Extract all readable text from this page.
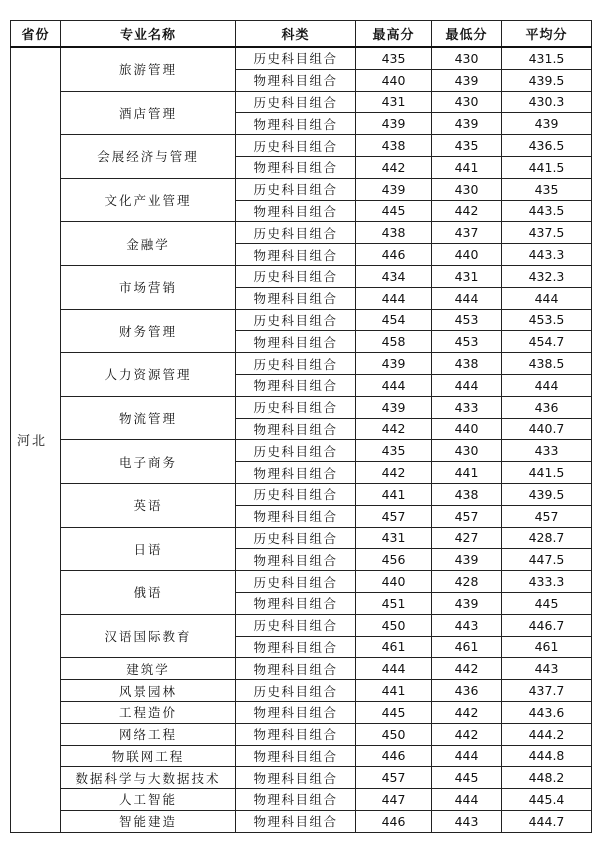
省份	专业名称	科类	最高分	最低分	平均分
河北	旅游管理	历史科目组合	435	430	431.5
		物理科目组合	440	439	439.5
	酒店管理	历史科目组合	431	430	430.3
		物理科目组合	439	439	439
	会展经济与管理	历史科目组合	438	435	436.5
		物理科目组合	442	441	441.5
	文化产业管理	历史科目组合	439	430	435
		物理科目组合	445	442	443.5
	金融学	历史科目组合	438	437	437.5
		物理科目组合	446	440	443.3
	市场营销	历史科目组合	434	431	432.3
		物理科目组合	444	444	444
	财务管理	历史科目组合	454	453	453.5
		物理科目组合	458	453	454.7
	人力资源管理	历史科目组合	439	438	438.5
		物理科目组合	444	444	444
	物流管理	历史科目组合	439	433	436
		物理科目组合	442	440	440.7
	电子商务	历史科目组合	435	430	433
		物理科目组合	442	441	441.5
	英语	历史科目组合	441	438	439.5
		物理科目组合	457	457	457
	日语	历史科目组合	431	427	428.7
		物理科目组合	456	439	447.5
	俄语	历史科目组合	440	428	433.3
		物理科目组合	451	439	445
	汉语国际教育	历史科目组合	450	443	446.7
		物理科目组合	461	461	461
	建筑学	物理科目组合	444	442	443
	风景园林	历史科目组合	441	436	437.7
	工程造价	物理科目组合	445	442	443.6
	网络工程	物理科目组合	450	442	444.2
	物联网工程	物理科目组合	446	444	444.8
	数据科学与大数据技术	物理科目组合	457	445	448.2
	人工智能	物理科目组合	447	444	445.4
	智能建造	物理科目组合	446	443	444.7
